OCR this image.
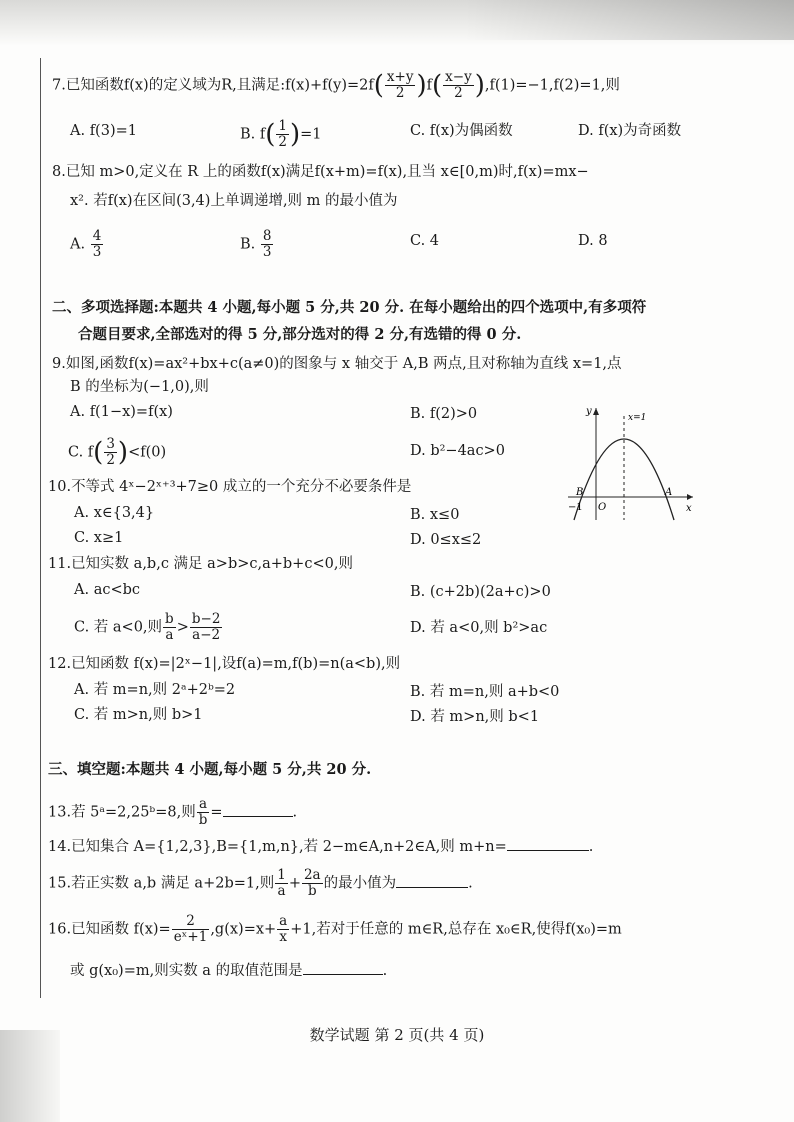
7.已知函数f(x)的定义域为R,且满足:f(x)+f(y)=2f( $\frac{x+y}{2} )f( \frac{x-y}{2} ),f(1)=-1,f(2)=1$,则
A. f(3)=1	B. $f( \frac{1}{2} )=1$	C. f(x)为偶函数	D. f(x)为奇函数
8.已知 m>0,定义在 R 上的函数f(x)满足f(x+m)=f(x),且当 x∈[0,m)时,f(x)=mx−
x². 若f(x)在区间(3,4)上单调递增,则 m 的最小值为
A. $\frac{4}{3}$	B. $\frac{8}{3}$	C. 4	D. 8
二、多项选择题:本题共 4 小题,每小题 5 分,共 20 分. 在每小题给出的四个选项中,有多项符
合题目要求,全部选对的得 5 分,部分选对的得 2 分,有选错的得 0 分.
9.如图,函数f(x)=ax²+bx+c(a≠0)的图象与 x 轴交于 A,B 两点,且对称轴为直线 x=1,点
B 的坐标为(−1,0),则
A. f(1−x)=f(x)	B. f(2)>0
C. $f( \frac{3}{2} )<f(0)$	D. b²−4ac>0
y
x
x=1
B	A
−1 O
10.不等式 4ˣ−2ˣ⁺³+7≥0 成立的一个充分不必要条件是
A. x∈{3,4}	B. x≤0
C. x≥1	D. 0≤x≤2
11.已知实数 a,b,c 满足 a>b>c,a+b+c<0,则
A. ac<bc	B. (c+2b)(2a+c)>0
C. 若 a<0,则 $\frac{b}{a} > \frac{b-2}{a-2}$	D. 若 a<0,则 b²>ac
12.已知函数 f(x)=|2ˣ−1|,设f(a)=m,f(b)=n(a<b),则
A. 若 m=n,则 2ᵃ+2ᵇ=2	B. 若 m=n,则 a+b<0
C. 若 m>n,则 b>1	D. 若 m>n,则 b<1
三、填空题:本题共 4 小题,每小题 5 分,共 20 分.
13.若 5ᵃ=2,25ᵇ=8,则 $\frac{a}{b}$ =	.
14.已知集合 A={1,2,3},B={1,m,n},若 2−m∈A,n+2∈A,则 m+n=	.
15.若正实数 a,b 满足 a+2b=1,则 $\frac{1}{a} + \frac{2a}{b}$ 的最小值为	.
16.已知函数 $f(x)= \frac{2}{\text{eˣ+1}} ,g(x)=x+ \frac{a}{x} +1$,若对于任意的 m∈R,总存在 x₀∈R,使得f(x₀)=m
或 g(x₀)=m,则实数 a 的取值范围是	.
数学试题 第 2 页(共 4 页)
